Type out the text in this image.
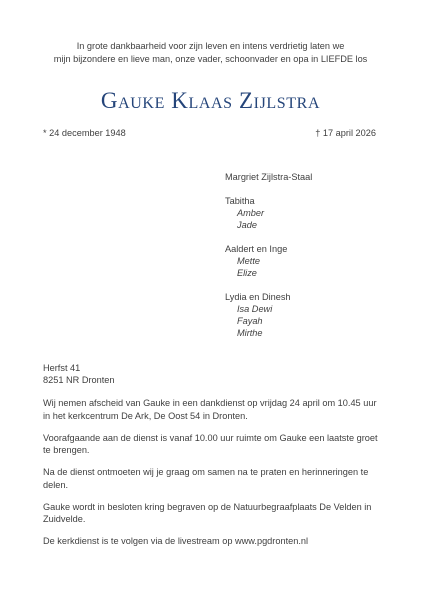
In grote dankbaarheid voor zijn leven en intens verdrietig laten we
mijn bijzondere en lieve man, onze vader, schoonvader en opa in LIEFDE los
Gauke Klaas Zijlstra
* 24 december 1948	† 17 april 2026
Margriet Zijlstra-Staal
Tabitha
Amber
Jade
Aaldert en Inge
Mette
Elize
Lydia en Dinesh
Isa Dewi
Fayah
Mirthe
Herfst 41
8251 NR Dronten

Wij nemen afscheid van Gauke in een dankdienst op vrijdag 24 april om 10.45 uur in het kerkcentrum De Ark, De Oost 54 in Dronten.

Voorafgaande aan de dienst is vanaf 10.00 uur ruimte om Gauke een laatste groet te brengen.

Na de dienst ontmoeten wij je graag om samen na te praten en herinneringen te delen.

Gauke wordt in besloten kring begraven op de Natuurbegraafplaats De Velden in Zuidvelde.

De kerkdienst is te volgen via de livestream op www.pgdronten.nl
